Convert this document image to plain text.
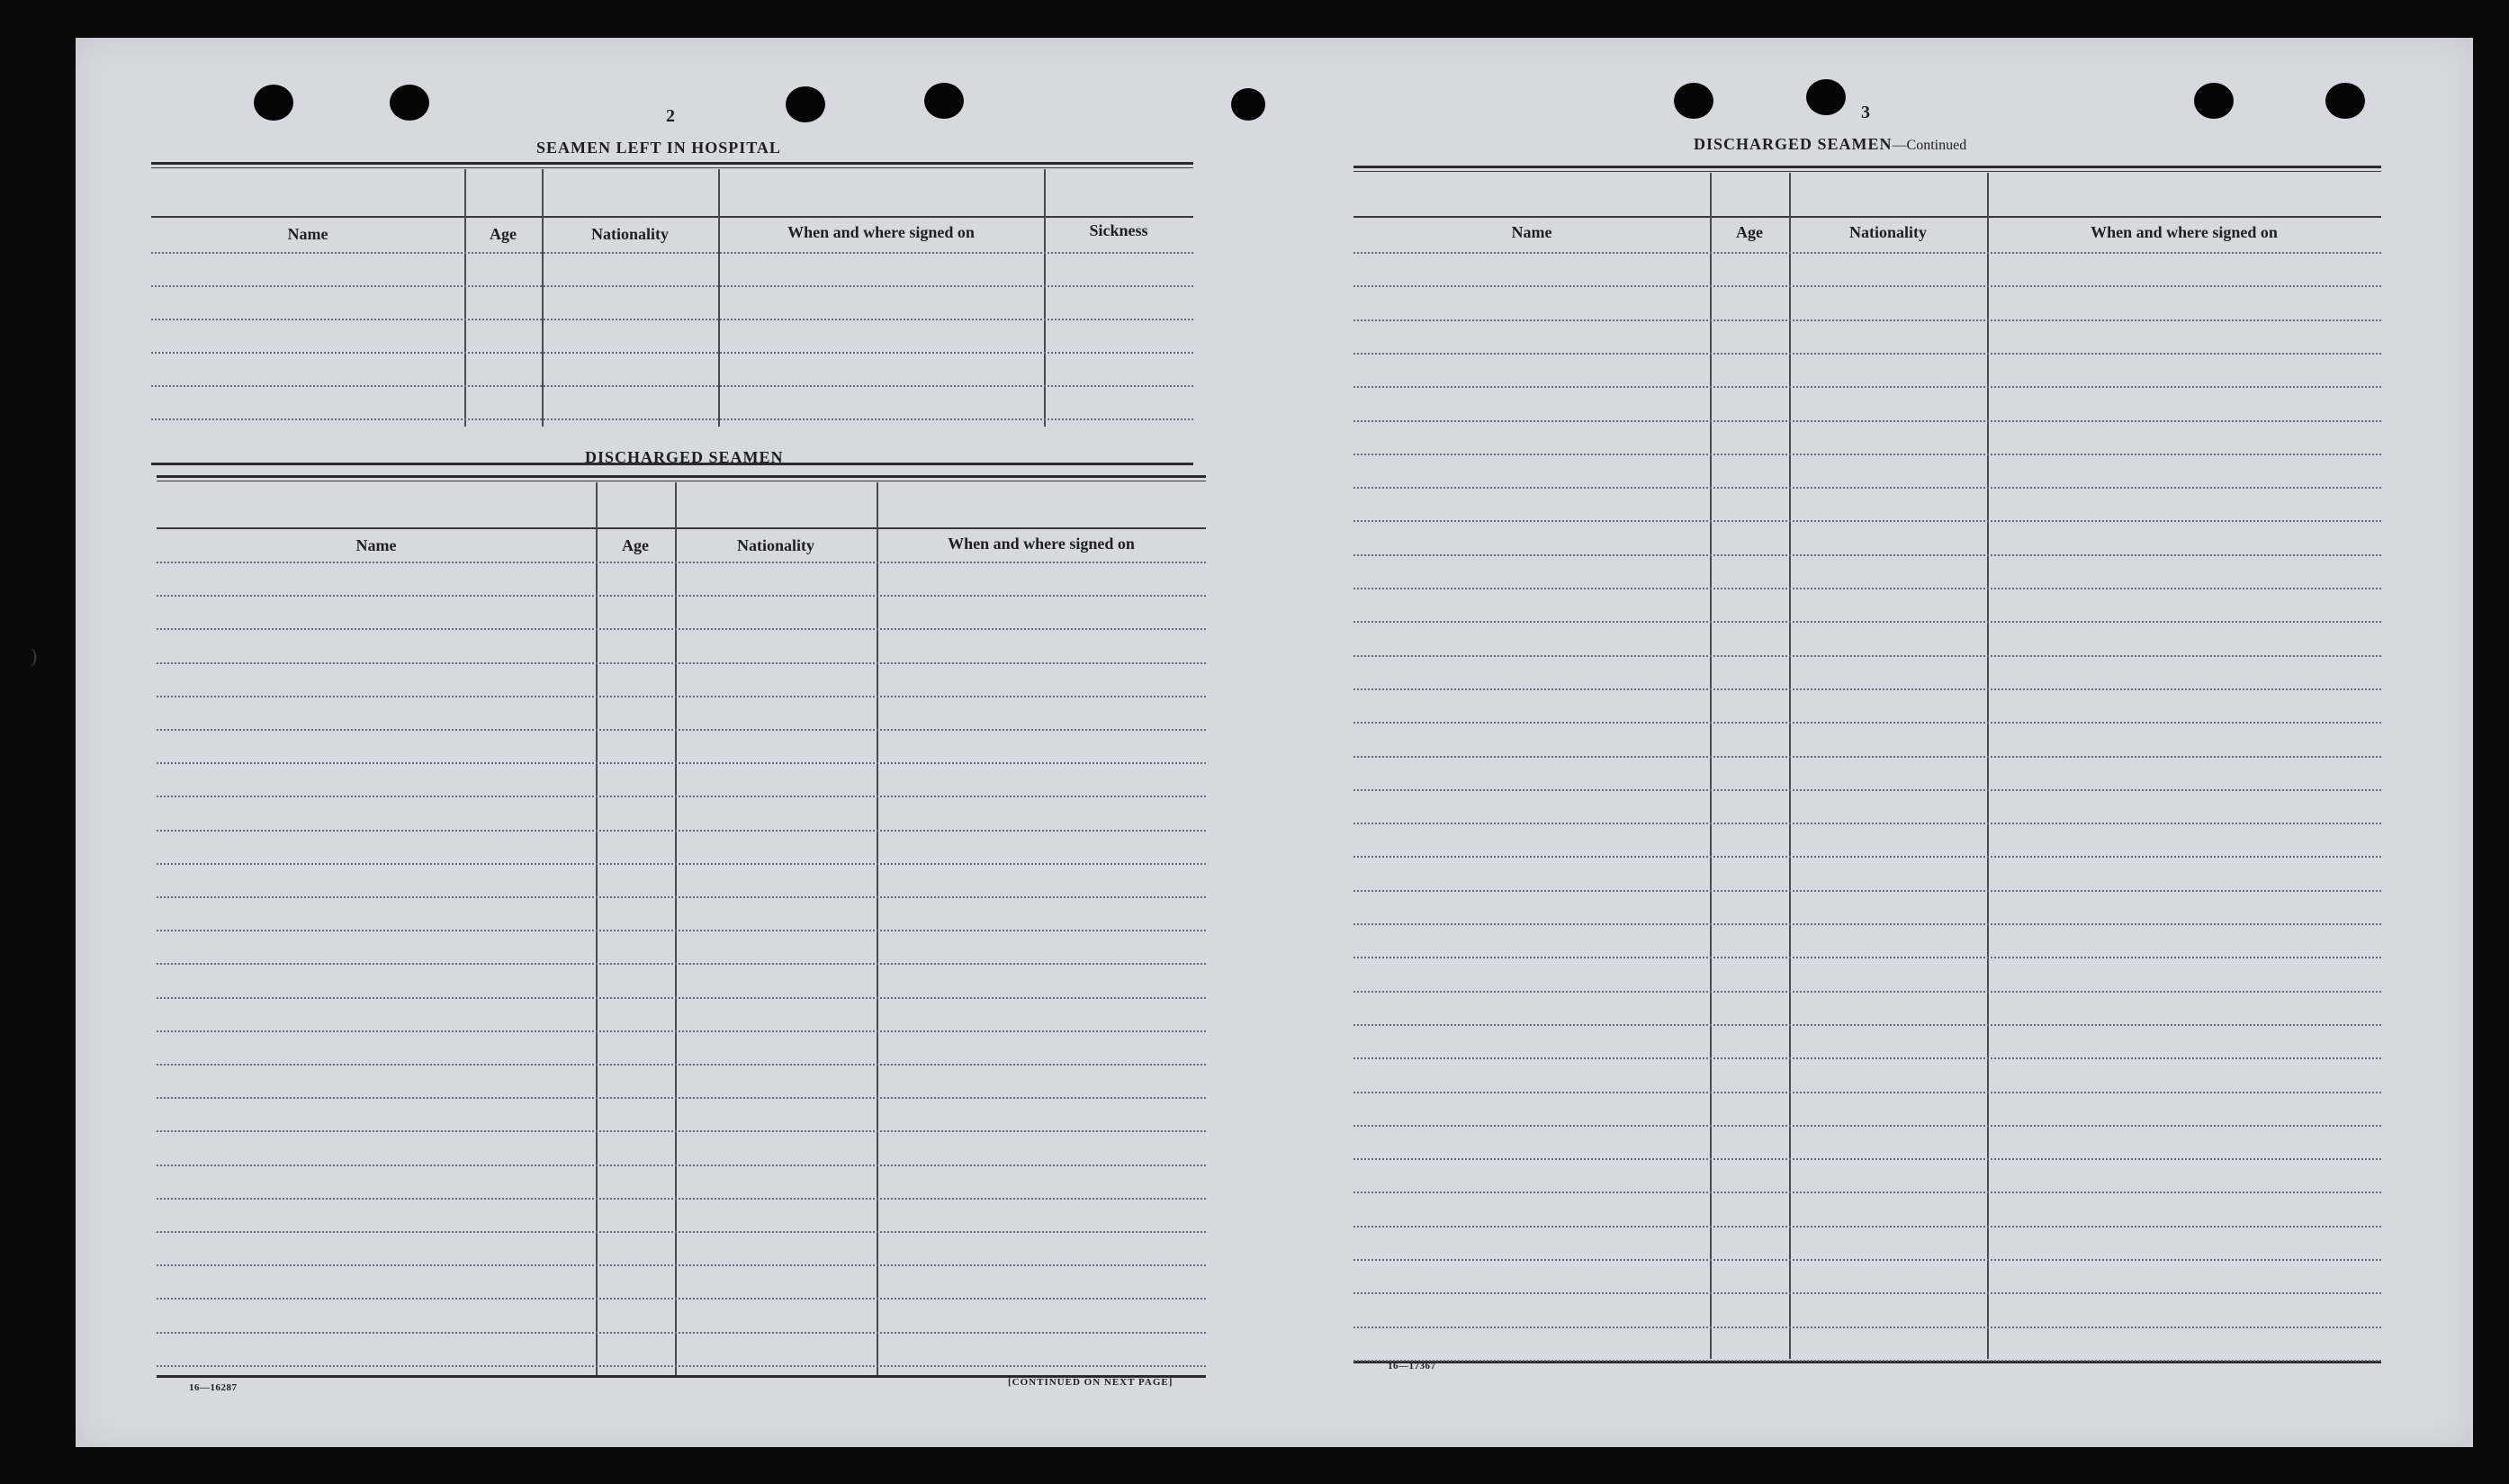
)
2
SEAMEN LEFT IN HOSPITAL
Name	Age	Nationality	When and where signed on	Sickness
DISCHARGED SEAMEN
Name	Age	Nationality	When and where signed on
16—16287	[CONTINUED ON NEXT PAGE]
3
DISCHARGED SEAMEN—Continued
Name	Age	Nationality	When and where signed on
16—17367
